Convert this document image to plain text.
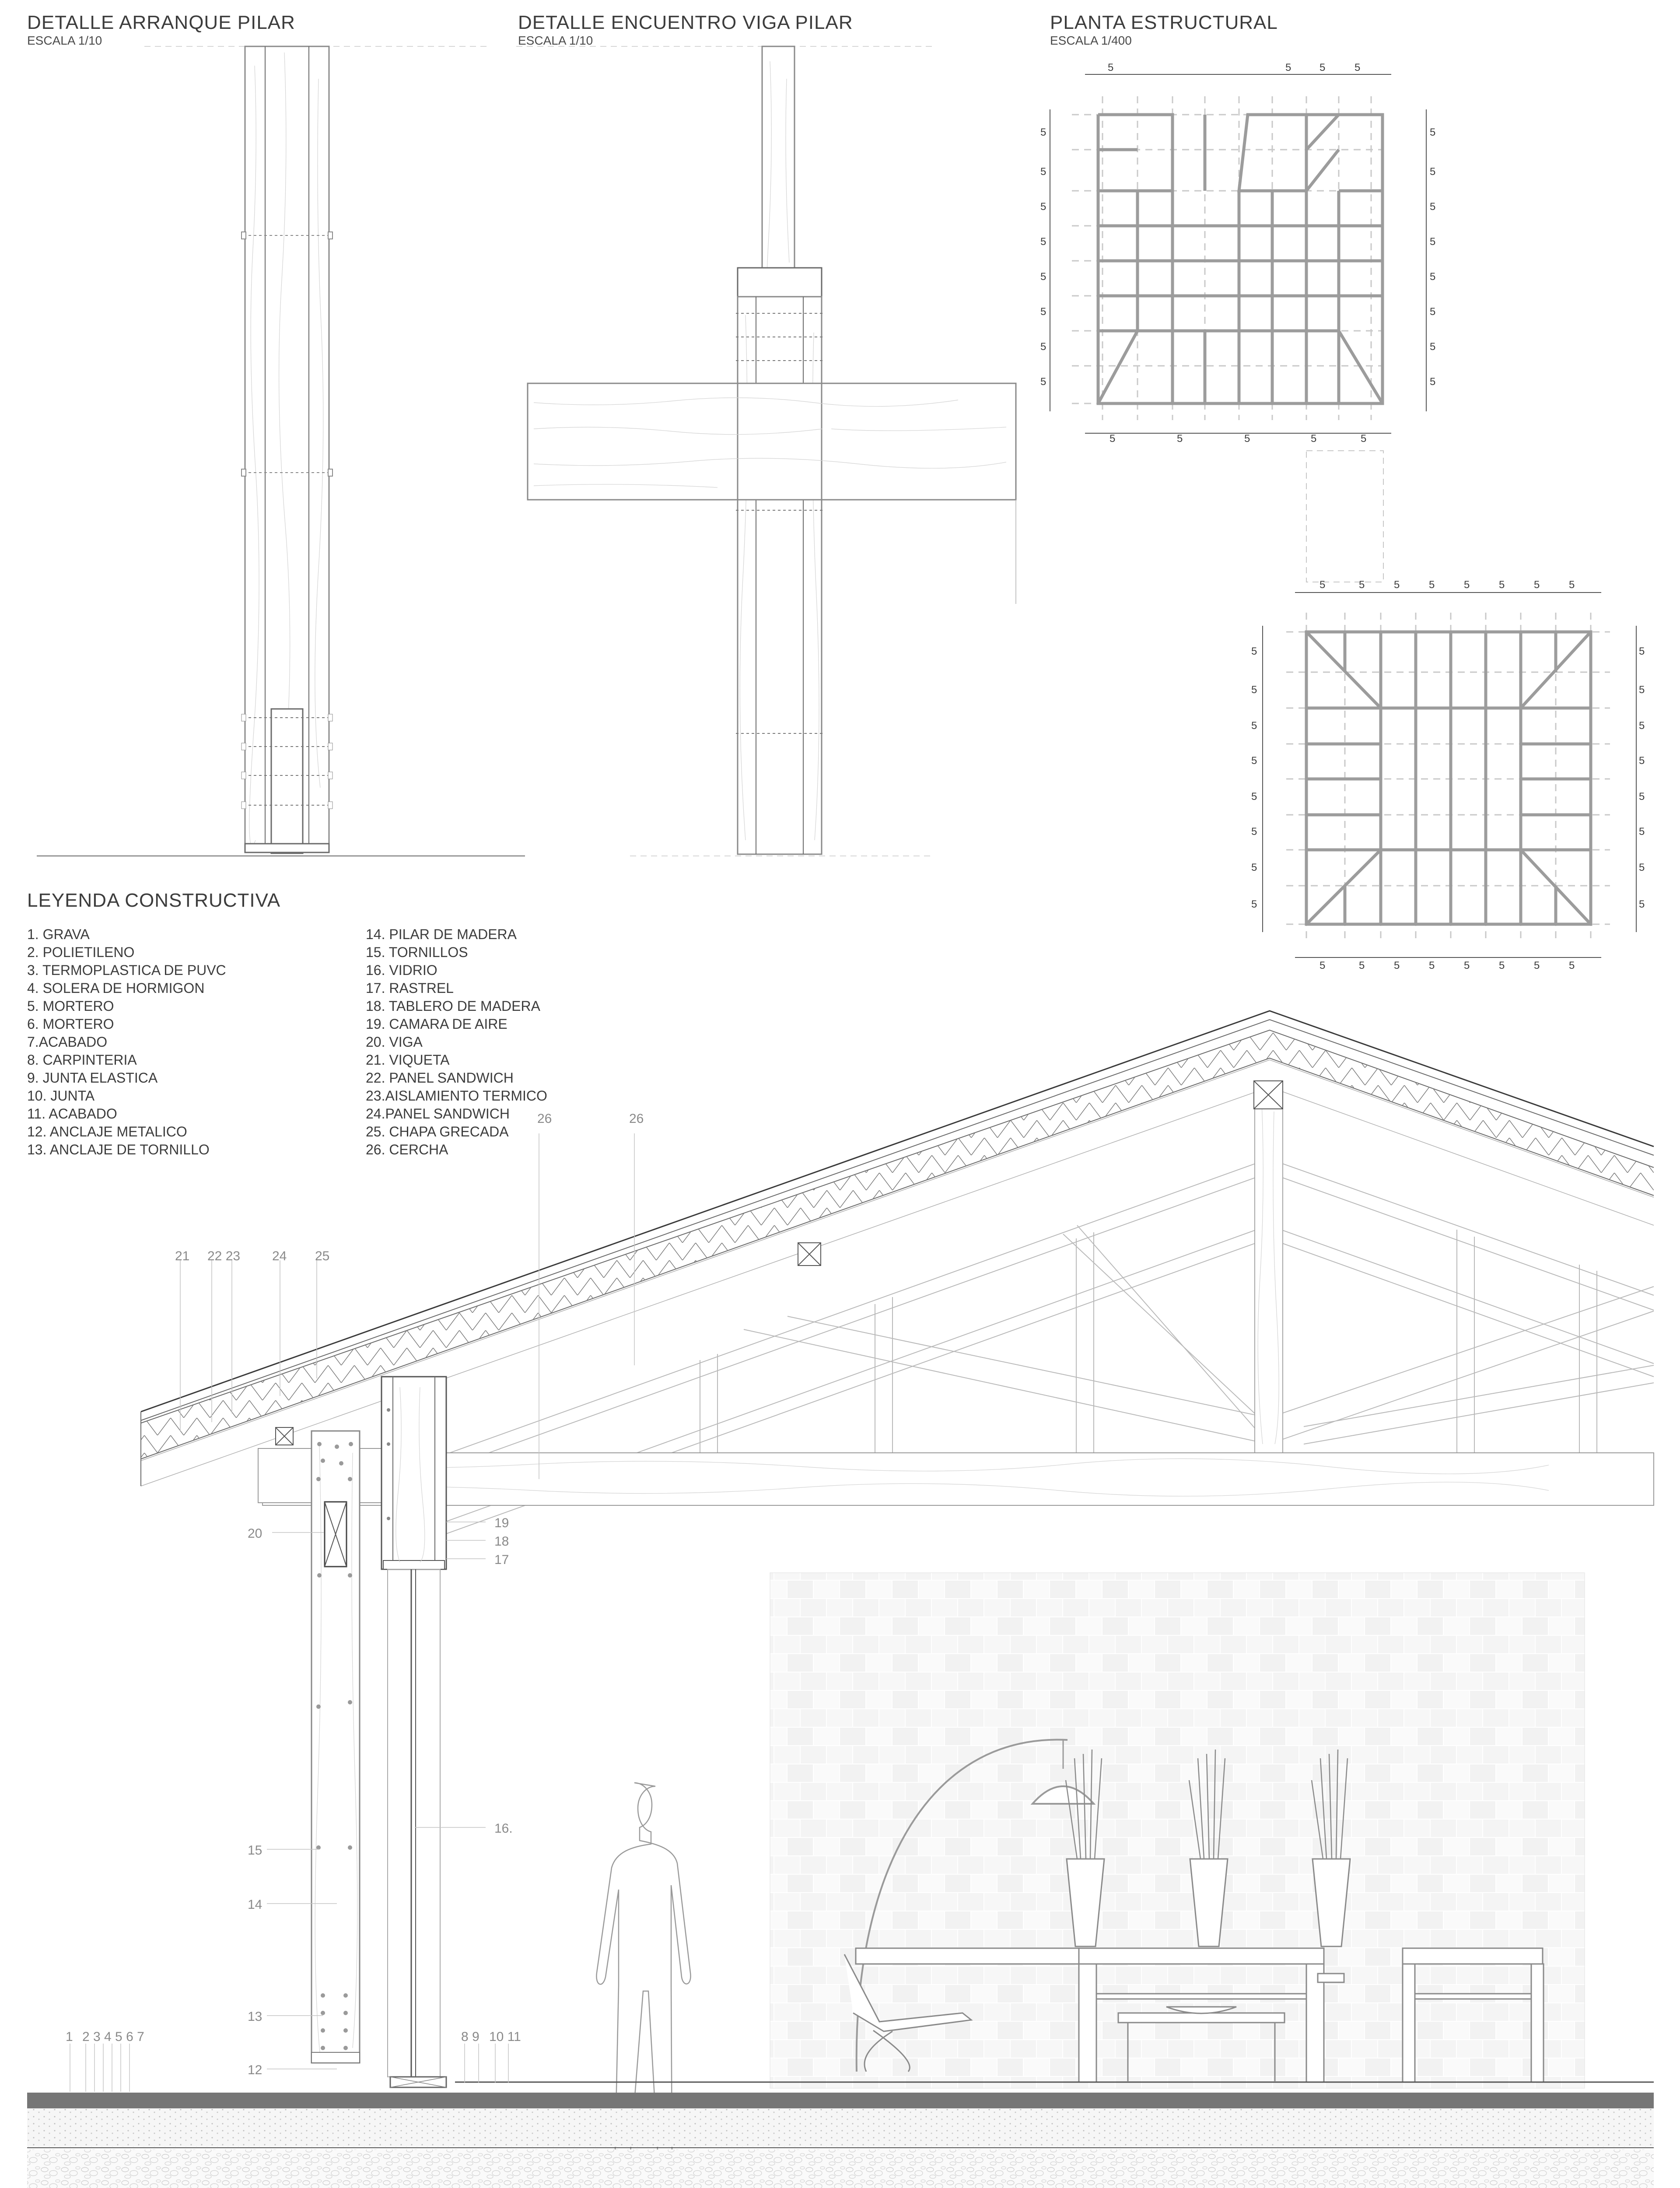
DETALLE ARRANQUE PILAR
ESCALA 1/10
DETALLE ENCUENTRO VIGA PILAR
ESCALA 1/10
PLANTA ESTRUCTURAL
ESCALA 1/400
5	5	5	5
5	5	5	5	5
5
5
5
5
5
5
5
5
5
5
5
5
5
5
5
5
5	5	5	5	5	5	5	5
5	5	5	5	5	5	5	5
5
5
5
5
5
5
5
5
5
5
5
5
5
5
5
5
LEYENDA CONSTRUCTIVA
1. GRAVA
2. POLIETILENO
3. TERMOPLASTICA DE PUVC
4. SOLERA DE HORMIGON
5. MORTERO
6. MORTERO
7.ACABADO
8. CARPINTERIA
9. JUNTA ELASTICA
10. JUNTA
11. ACABADO
12. ANCLAJE METALICO
13. ANCLAJE DE TORNILLO
14. PILAR DE MADERA
15. TORNILLOS
16. VIDRIO
17. RASTREL
18. TABLERO DE MADERA
19. CAMARA DE AIRE
20. VIGA
21. VIQUETA
22. PANEL SANDWICH
23.AISLAMIENTO TERMICO
24.PANEL SANDWICH
25. CHAPA GRECADA
26. CERCHA
26	26
21 22 23 24 25
20
19
18
17
16.
15
14
13
12
1 2 3 4 5 6 7	8 9 10 11
